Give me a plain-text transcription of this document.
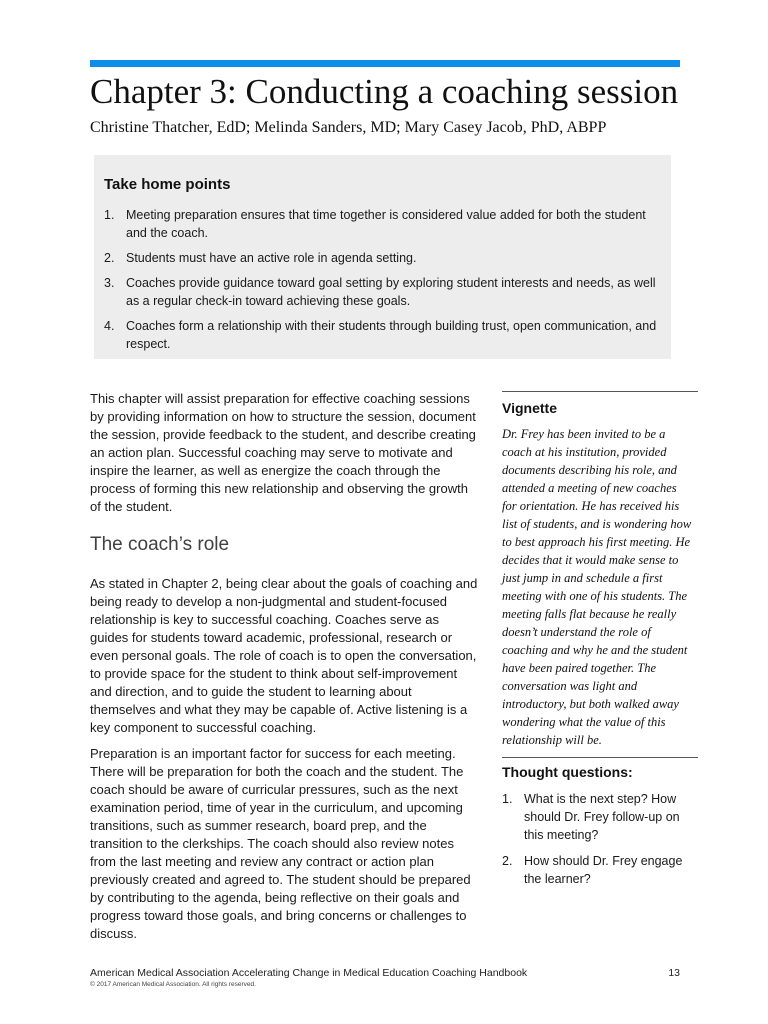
Chapter 3: Conducting a coaching session

Christine Thatcher, EdD; Melinda Sanders, MD; Mary Casey Jacob, PhD, ABPP

Take home points
1. Meeting preparation ensures that time together is considered value added for both the student and the coach.
2. Students must have an active role in agenda setting.
3. Coaches provide guidance toward goal setting by exploring student interests and needs, as well as a regular check-in toward achieving these goals.
4. Coaches form a relationship with their students through building trust, open communication, and respect.

This chapter will assist preparation for effective coaching sessions by providing information on how to structure the session, document the session, provide feedback to the student, and describe creating an action plan. Successful coaching may serve to motivate and inspire the learner, as well as energize the coach through the process of forming this new relationship and observing the growth of the student.

The coach’s role

As stated in Chapter 2, being clear about the goals of coaching and being ready to develop a non-judgmental and student-focused relationship is key to successful coaching. Coaches serve as guides for students toward academic, professional, research or even personal goals. The role of coach is to open the conversation, to provide space for the student to think about self-improvement and direction, and to guide the student to learning about themselves and what they may be capable of. Active listening is a key component to successful coaching.

Preparation is an important factor for success for each meeting. There will be preparation for both the coach and the student. The coach should be aware of curricular pressures, such as the next examination period, time of year in the curriculum, and upcoming transitions, such as summer research, board prep, and the transition to the clerkships. The coach should also review notes from the last meeting and review any contract or action plan previously created and agreed to. The student should be prepared by contributing to the agenda, being reflective on their goals and progress toward those goals, and bring concerns or challenges to discuss.

Vignette

Dr. Frey has been invited to be a coach at his institution, provided documents describing his role, and attended a meeting of new coaches for orientation. He has received his list of students, and is wondering how to best approach his first meeting. He decides that it would make sense to just jump in and schedule a first meeting with one of his students. The meeting falls flat because he really doesn’t understand the role of coaching and why he and the student have been paired together. The conversation was light and introductory, but both walked away wondering what the value of this relationship will be.

Thought questions:
1. What is the next step? How should Dr. Frey follow-up on this meeting?
2. How should Dr. Frey engage the learner?
American Medical Association Accelerating Change in Medical Education Coaching Handbook	13
© 2017 American Medical Association. All rights reserved.
